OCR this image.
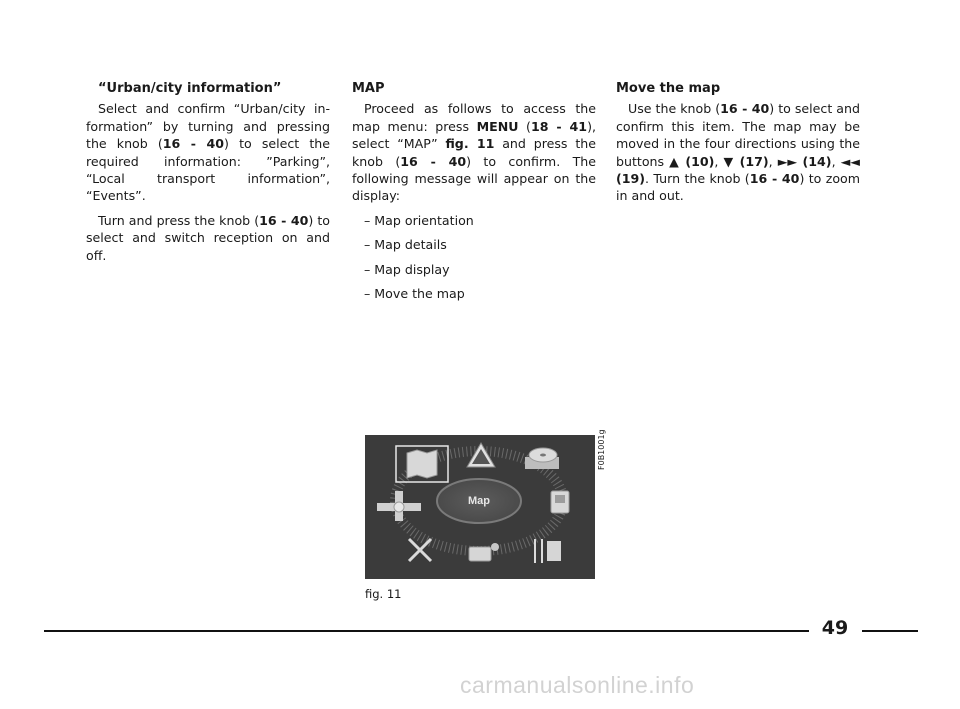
“Urban/city information”

Select and confirm “Urban/city information” by turning and pressing the knob (16 - 40) to select the required information: ”Parking”, “Local transport information”, “Events”.

Turn and press the knob (16 - 40) to select and switch reception on and off.

MAP

Proceed as follows to access the map menu: press MENU (18 - 41), select “MAP” fig. 11 and press the knob (16 - 40) to confirm. The following message will appear on the display:

– Map orientation
– Map details
– Map display
– Move the map
Move the map

Use the knob (16 - 40) to select and confirm this item. The map may be moved in the four directions using the buttons ▲ (10), ▼ (17), ►► (14), ◄◄ (19). Turn the knob (16 - 40) to zoom in and out.

Map
F0B1001g
fig. 11
49
carmanualsonline.info
